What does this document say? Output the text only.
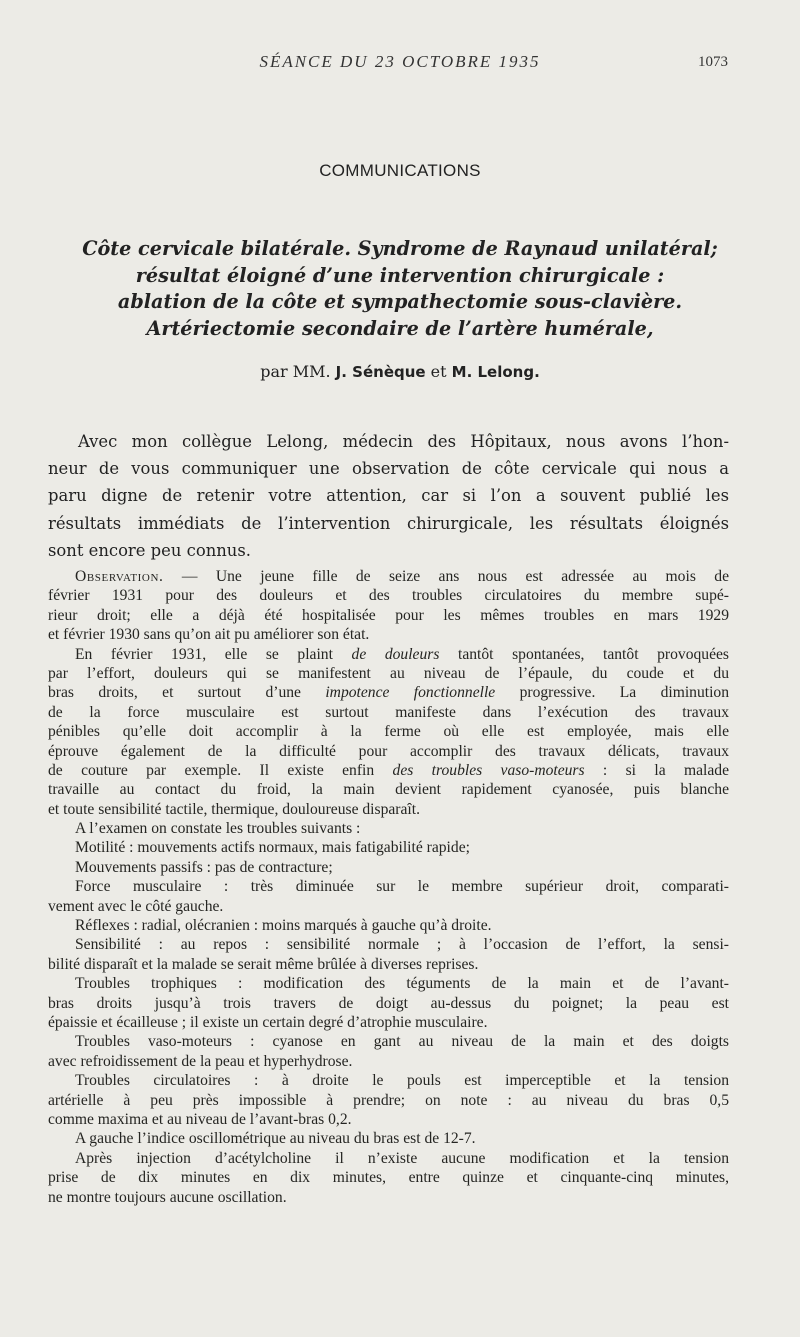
SÉANCE DU 23 OCTOBRE 1935	1073
COMMUNICATIONS
Côte cervicale bilatérale. Syndrome de Raynaud unilatéral;
résultat éloigné d’une intervention chirurgicale :
ablation de la côte et sympathectomie sous-clavière.
Artériectomie secondaire de l’artère humérale,
par MM. J. Sénèque et M. Lelong.
Avec mon collègue Lelong, médecin des Hôpitaux, nous avons l’hon-
neur de vous communiquer une observation de côte cervicale qui nous a
paru digne de retenir votre attention, car si l’on a souvent publié les
résultats immédiats de l’intervention chirurgicale, les résultats éloignés
sont encore peu connus.
Observation. — Une jeune fille de seize ans nous est adressée au mois de
février 1931 pour des douleurs et des troubles circulatoires du membre supé-
rieur droit; elle a déjà été hospitalisée pour les mêmes troubles en mars 1929
et février 1930 sans qu’on ait pu améliorer son état.
En février 1931, elle se plaint de douleurs tantôt spontanées, tantôt provoquées
par l’effort, douleurs qui se manifestent au niveau de l’épaule, du coude et du
bras droits, et surtout d’une impotence fonctionnelle progressive. La diminution
de la force musculaire est surtout manifeste dans l’exécution des travaux
pénibles qu’elle doit accomplir à la ferme où elle est employée, mais elle
éprouve également de la difficulté pour accomplir des travaux délicats, travaux
de couture par exemple. Il existe enfin des troubles vaso-moteurs : si la malade
travaille au contact du froid, la main devient rapidement cyanosée, puis blanche
et toute sensibilité tactile, thermique, douloureuse disparaît.
A l’examen on constate les troubles suivants :
Motilité : mouvements actifs normaux, mais fatigabilité rapide;
Mouvements passifs : pas de contracture;
Force musculaire : très diminuée sur le membre supérieur droit, comparati-
vement avec le côté gauche.
Réflexes : radial, olécranien : moins marqués à gauche qu’à droite.
Sensibilité : au repos : sensibilité normale ; à l’occasion de l’effort, la sensi-
bilité disparaît et la malade se serait même brûlée à diverses reprises.
Troubles trophiques : modification des téguments de la main et de l’avant-
bras droits jusqu’à trois travers de doigt au-dessus du poignet; la peau est
épaissie et écailleuse ; il existe un certain degré d’atrophie musculaire.
Troubles vaso-moteurs : cyanose en gant au niveau de la main et des doigts
avec refroidissement de la peau et hyperhydrose.
Troubles circulatoires : à droite le pouls est imperceptible et la tension
artérielle à peu près impossible à prendre; on note : au niveau du bras 0,5
comme maxima et au niveau de l’avant-bras 0,2.
A gauche l’indice oscillométrique au niveau du bras est de 12-7.
Après injection d’acétylcholine il n’existe aucune modification et la tension
prise de dix minutes en dix minutes, entre quinze et cinquante-cinq minutes,
ne montre toujours aucune oscillation.
